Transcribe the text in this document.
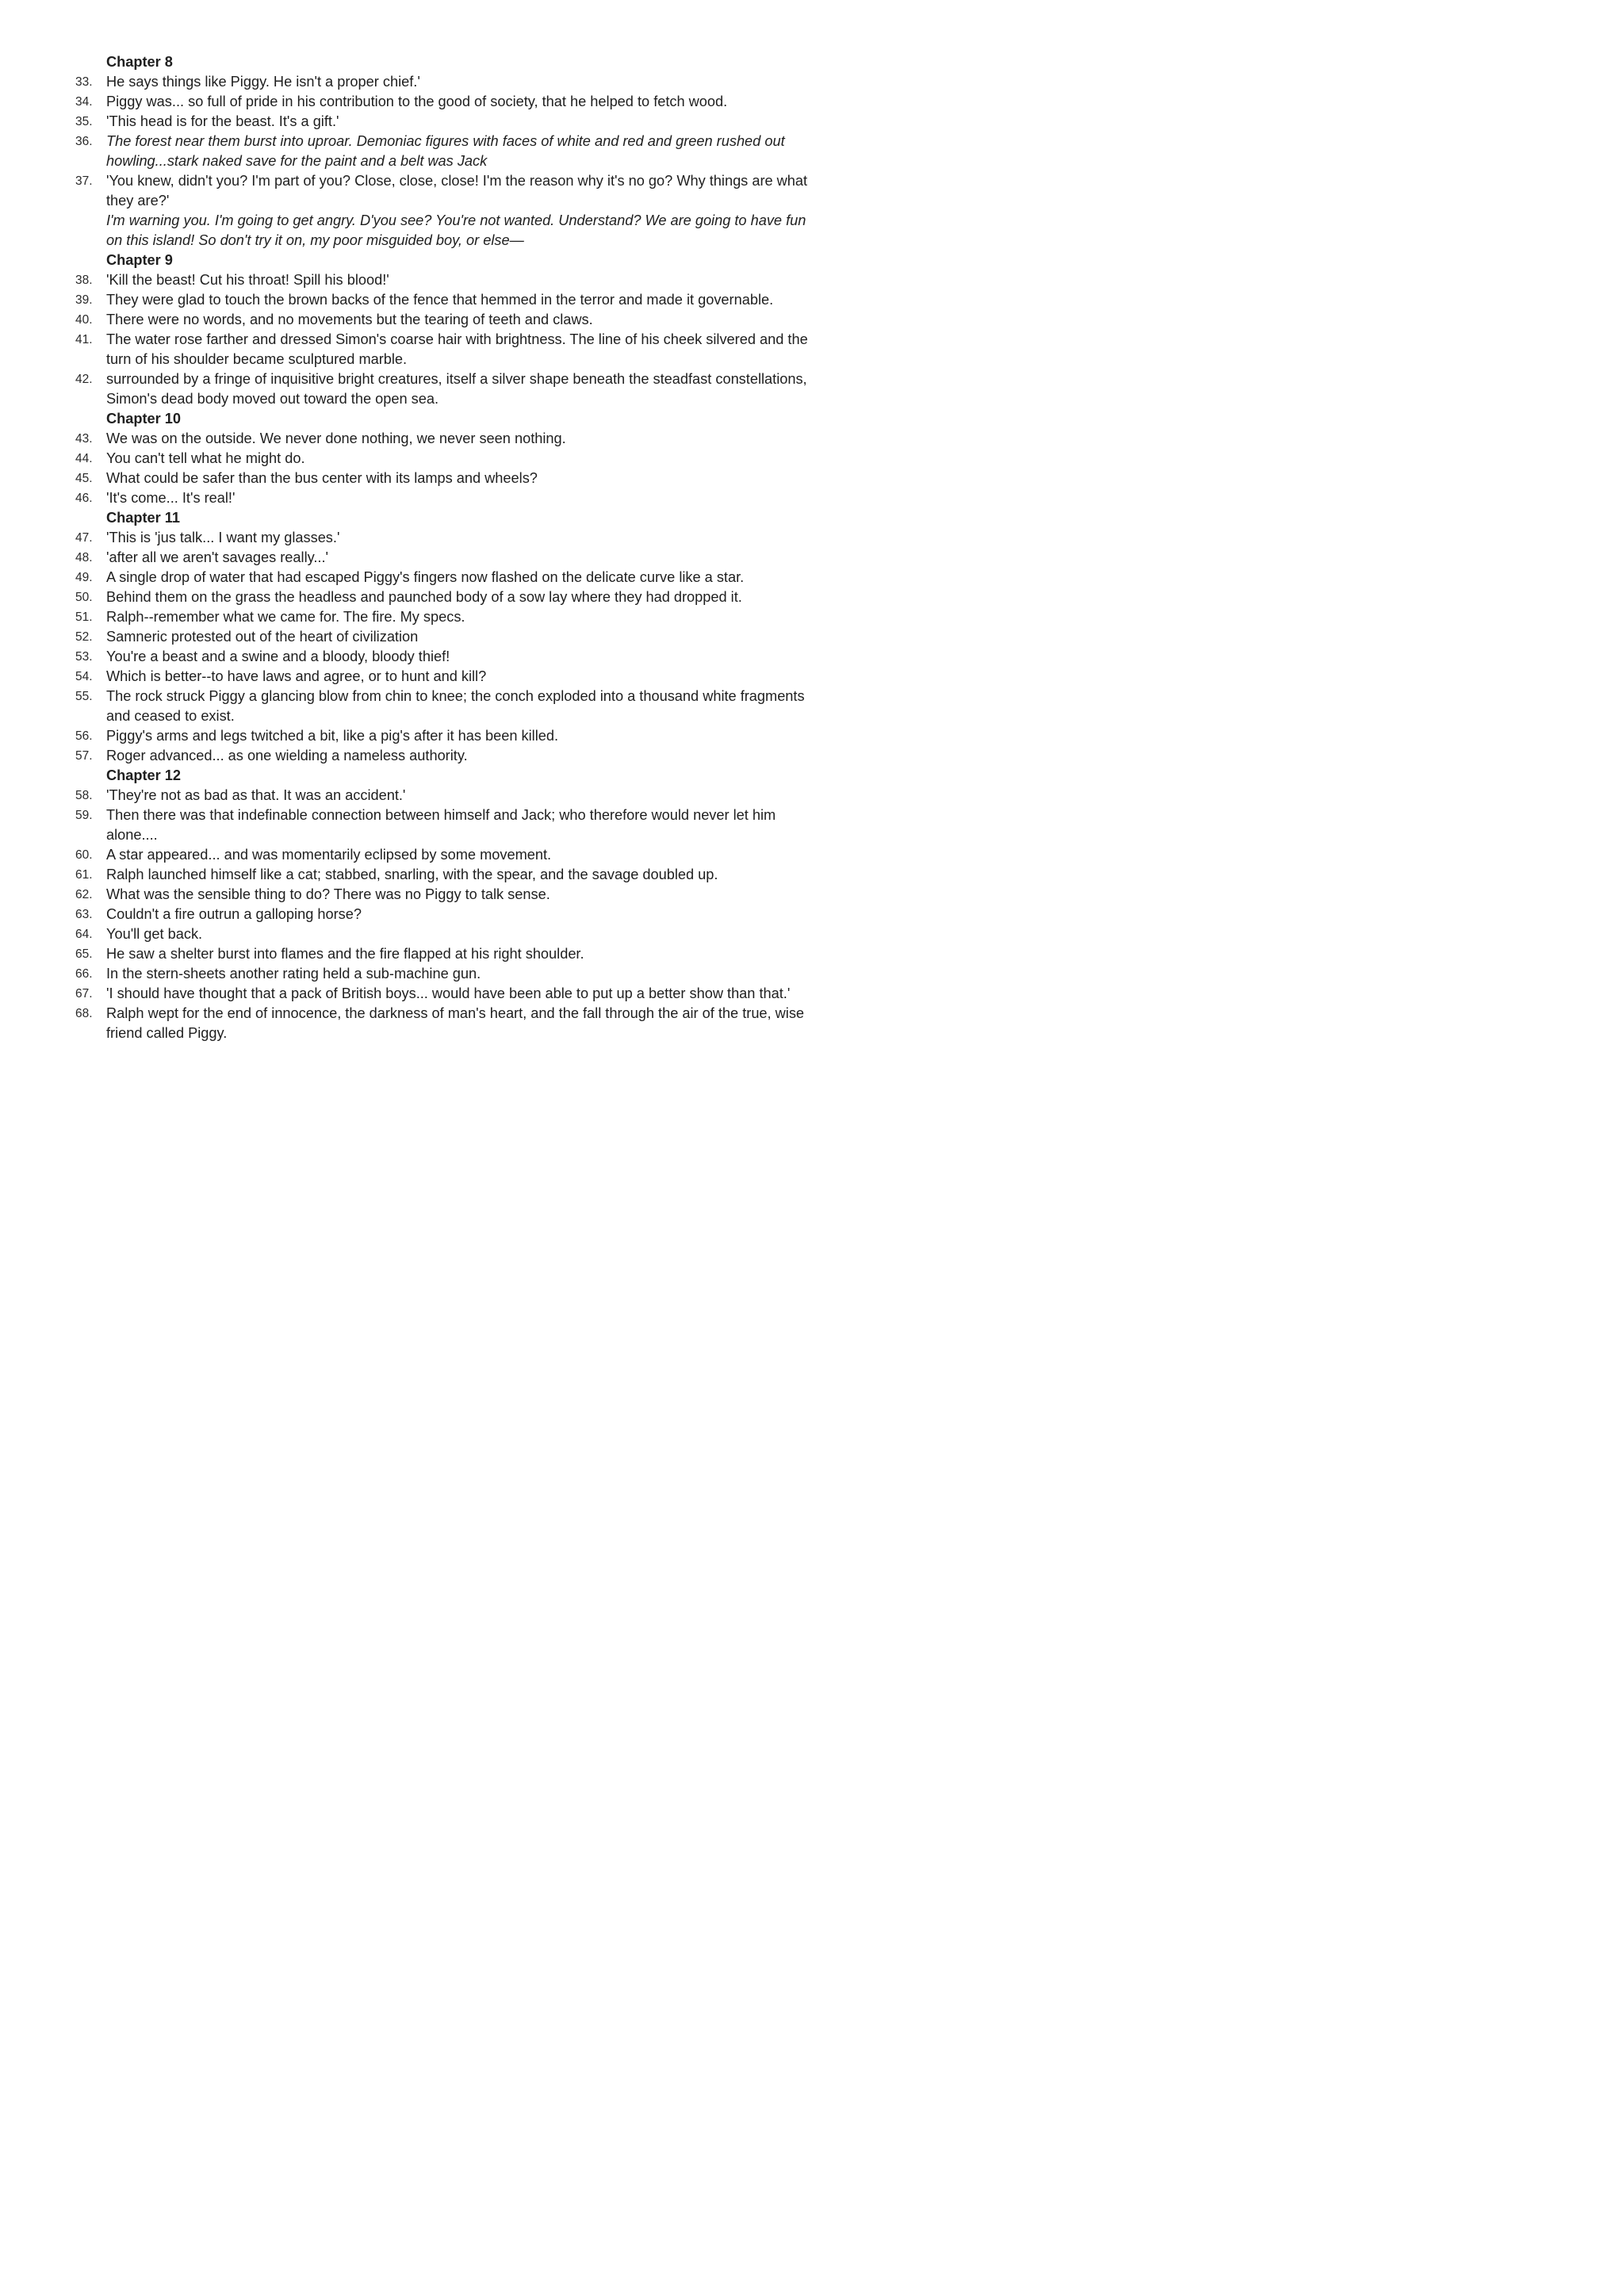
Chapter 8
33. He says things like Piggy. He isn't a proper chief.'
34. Piggy was... so full of pride in his contribution to the good of society, that he helped to fetch wood.
35. 'This head is for the beast. It's a gift.'
36. The forest near them burst into uproar. Demoniac figures with faces of white and red and green rushed out howling...stark naked save for the paint and a belt was Jack
37. 'You knew, didn't you? I'm part of you? Close, close, close! I'm the reason why it's no go? Why things are what they are?'
I'm warning you. I'm going to get angry. D'you see? You're not wanted. Understand? We are going to have fun on this island! So don't try it on, my poor misguided boy, or else—
Chapter 9
38. 'Kill the beast! Cut his throat! Spill his blood!'
39. They were glad to touch the brown backs of the fence that hemmed in the terror and made it governable.
40. There were no words, and no movements but the tearing of teeth and claws.
41. The water rose farther and dressed Simon's coarse hair with brightness. The line of his cheek silvered and the turn of his shoulder became sculptured marble.
42. surrounded by a fringe of inquisitive bright creatures, itself a silver shape beneath the steadfast constellations, Simon's dead body moved out toward the open sea.
Chapter 10
43. We was on the outside. We never done nothing, we never seen nothing.
44. You can't tell what he might do.
45. What could be safer than the bus center with its lamps and wheels?
46. 'It's come... It's real!'
Chapter 11
47. 'This is 'jus talk... I want my glasses.'
48. 'after all we aren't savages really...'
49. A single drop of water that had escaped Piggy's fingers now flashed on the delicate curve like a star.
50. Behind them on the grass the headless and paunched body of a sow lay where they had dropped it.
51. Ralph--remember what we came for. The fire. My specs.
52. Samneric protested out of the heart of civilization
53. You're a beast and a swine and a bloody, bloody thief!
54. Which is better--to have laws and agree, or to hunt and kill?
55. The rock struck Piggy a glancing blow from chin to knee; the conch exploded into a thousand white fragments and ceased to exist.
56. Piggy's arms and legs twitched a bit, like a pig's after it has been killed.
57. Roger advanced... as one wielding a nameless authority.
Chapter 12
58. 'They're not as bad as that. It was an accident.'
59. Then there was that indefinable connection between himself and Jack; who therefore would never let him alone....
60. A star appeared... and was momentarily eclipsed by some movement.
61. Ralph launched himself like a cat; stabbed, snarling, with the spear, and the savage doubled up.
62. What was the sensible thing to do? There was no Piggy to talk sense.
63. Couldn't a fire outrun a galloping horse?
64. You'll get back.
65. He saw a shelter burst into flames and the fire flapped at his right shoulder.
66. In the stern-sheets another rating held a sub-machine gun.
67. 'I should have thought that a pack of British boys... would have been able to put up a better show than that.'
68. Ralph wept for the end of innocence, the darkness of man's heart, and the fall through the air of the true, wise friend called Piggy.
